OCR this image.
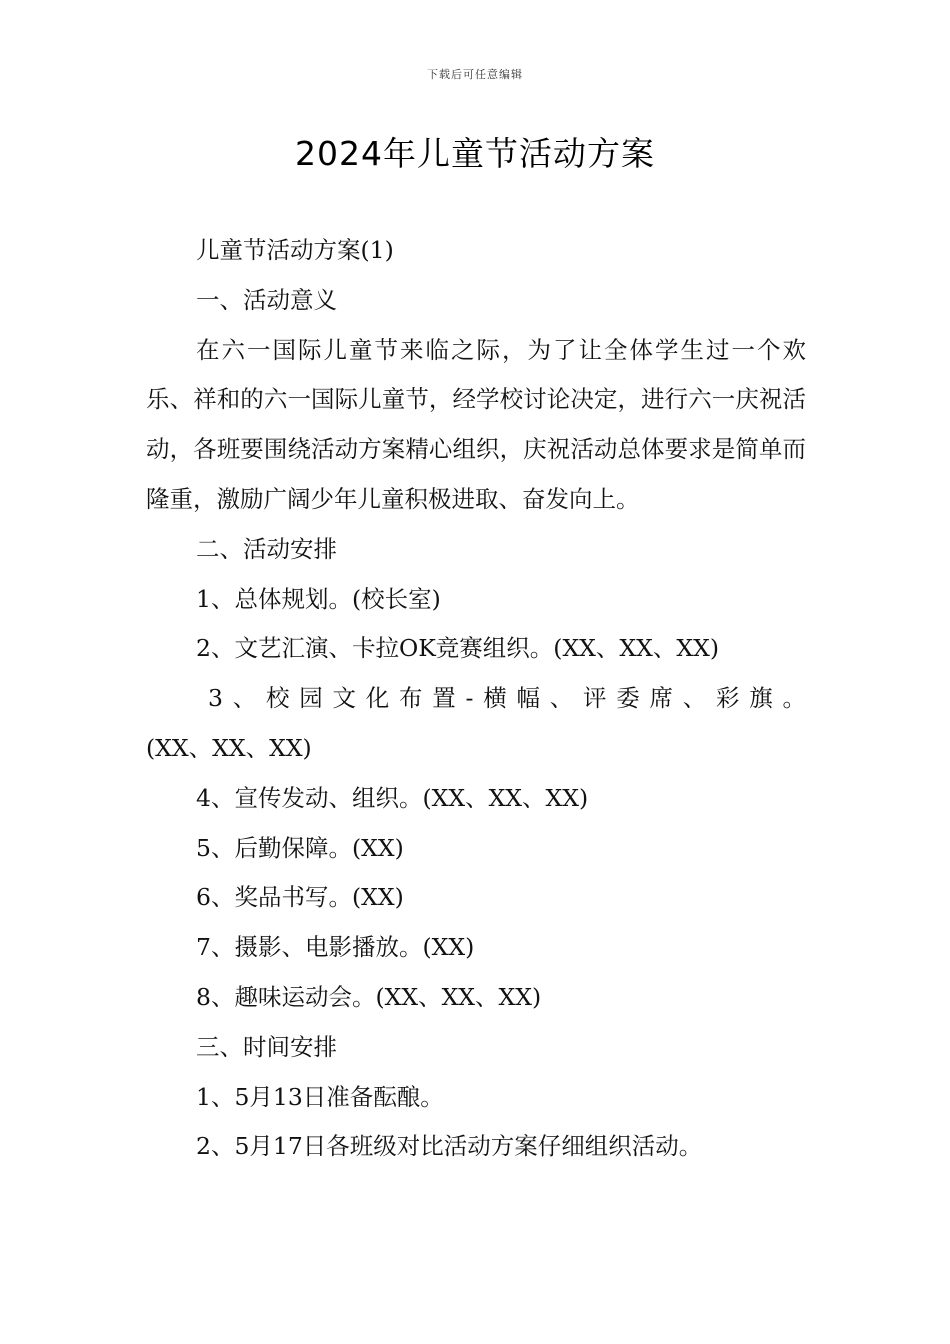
下载后可任意编辑
2024年儿童节活动方案

儿童节活动方案(1)

一、活动意义

在六一国际儿童节来临之际，为了让全体学生过一个欢乐、祥和的六一国际儿童节，经学校讨论决定，进行六一庆祝活动，各班要围绕活动方案精心组织，庆祝活动总体要求是简单而隆重，激励广阔少年儿童积极进取、奋发向上。

二、活动安排

1、总体规划。(校长室)

2、文艺汇演、卡拉OK竞赛组织。(XX、XX、XX)

3、校园文化布置-横幅、评委席、彩旗。

(XX、XX、XX)

4、宣传发动、组织。(XX、XX、XX)

5、后勤保障。(XX)

6、奖品书写。(XX)

7、摄影、电影播放。(XX)

8、趣味运动会。(XX、XX、XX)

三、时间安排

1、5月13日准备酝酿。

2、5月17日各班级对比活动方案仔细组织活动。
